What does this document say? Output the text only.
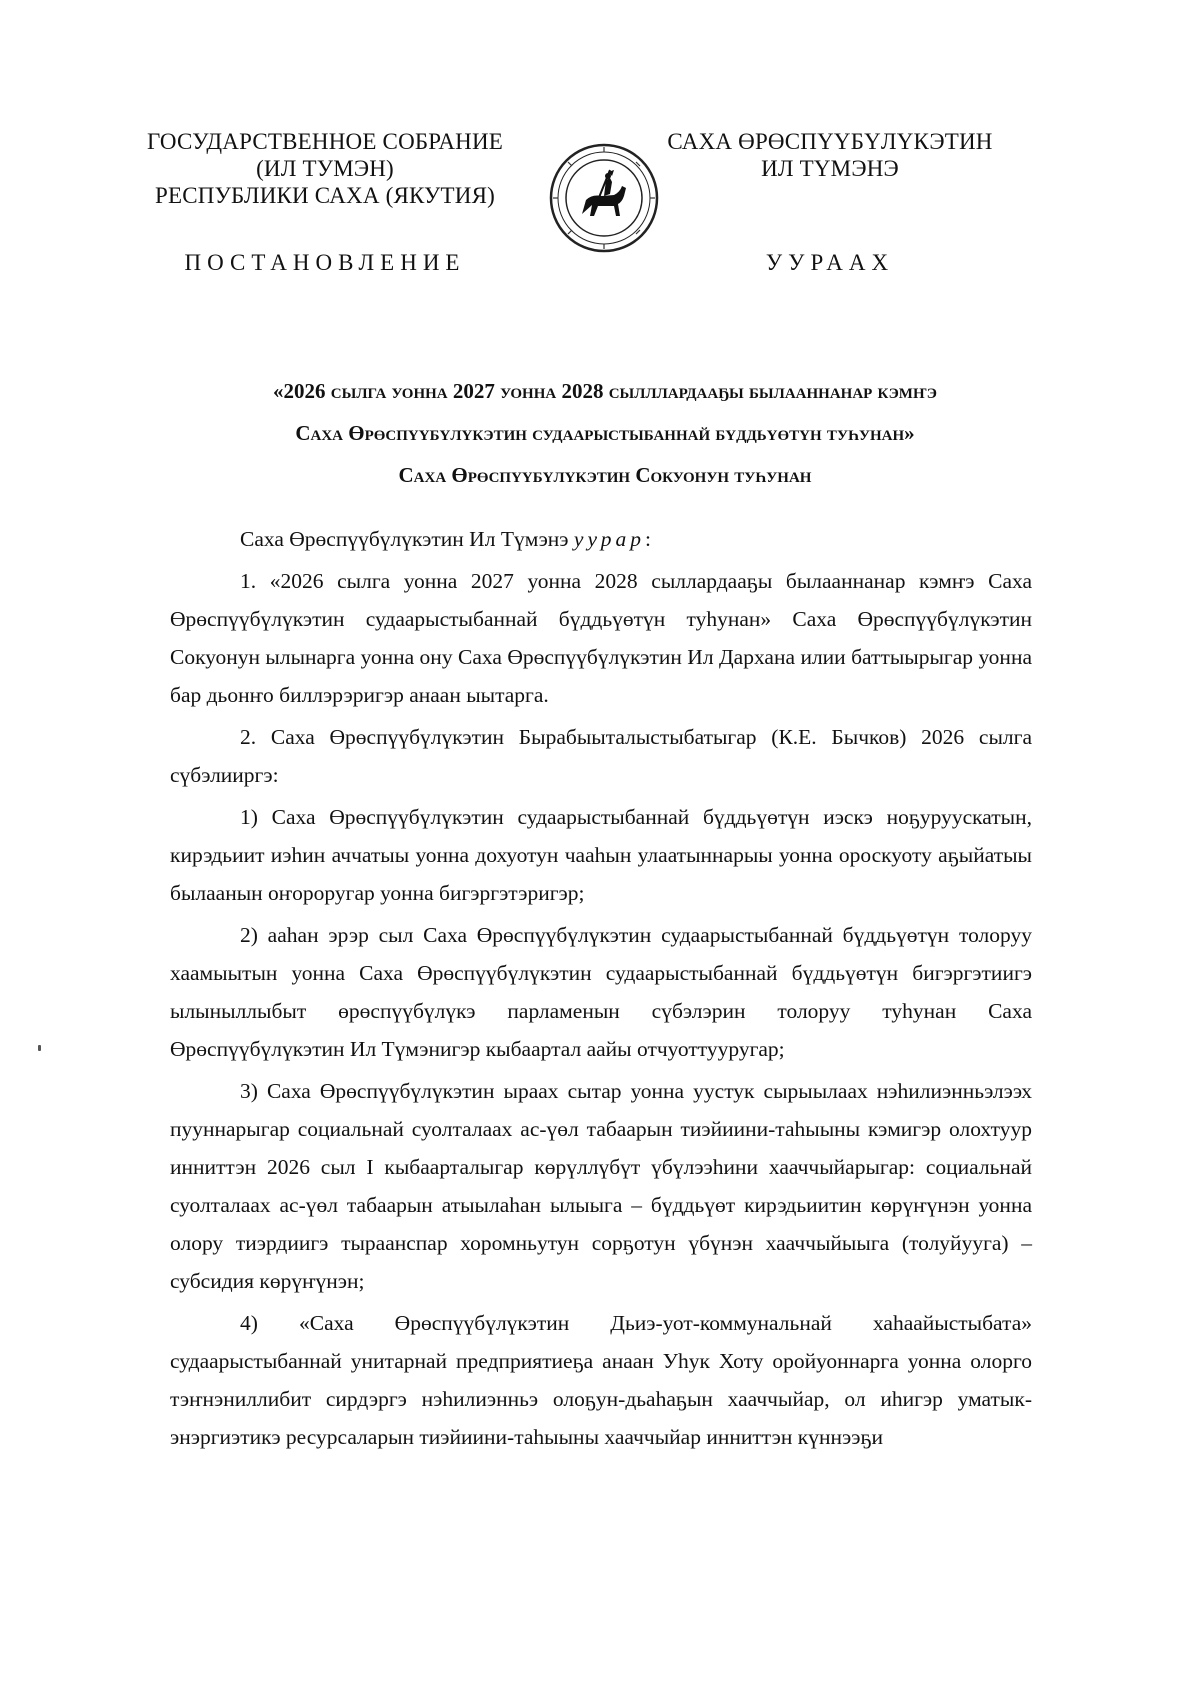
ГОСУДАРСТВЕННОЕ СОБРАНИЕ
(ИЛ ТУМЭН)
РЕСПУБЛИКИ САХА (ЯКУТИЯ)
САХА ӨРӨСПҮҮБҮЛҮКЭТИН
ИЛ ТҮМЭНЭ
ПОСТАНОВЛЕНИЕ	УУРААХ
«2026 сылга уонна 2027 уонна 2028 сылллардааҕы былааннанар кэмҥэ
Саха Өрөспүүбүлүкэтин судаарыстыбаннай бүддьүөтүн туһунан»
Саха Өрөспүүбүлүкэтин Сокуонун туһунан

Саха Өрөспүүбүлүкэтин Ил Түмэнэ уурар:

1. «2026 сылга уонна 2027 уонна 2028 сыллардааҕы былааннанар кэмҥэ Саха Өрөспүүбүлүкэтин судаарыстыбаннай бүддьүөтүн туһунан» Саха Өрөспүүбүлүкэтин Сокуонун ылынарга уонна ону Саха Өрөспүүбүлүкэтин Ил Дархана илии баттыырыгар уонна бар дьонҥо биллэрэригэр анаан ыытарга.

2. Саха Өрөспүүбүлүкэтин Бырабыыталыстыбатыгар (К.Е. Бычков) 2026 сылга сүбэлииргэ:

1) Саха Өрөспүүбүлүкэтин судаарыстыбаннай бүддьүөтүн иэскэ ноҕуруускатын, кирэдьиит иэһин аччатыы уонна дохуотун чааһын улаатыннарыы уонна ороскуоту аҕыйатыы былаанын оҥороругар уонна бигэргэтэригэр;

2) ааһан эрэр сыл Саха Өрөспүүбүлүкэтин судаарыстыбаннай бүддьүөтүн толоруу хаамыытын уонна Саха Өрөспүүбүлүкэтин судаарыстыбаннай бүддьүөтүн бигэргэтиигэ ылыныллыбыт өрөспүүбүлүкэ парламенын сүбэлэрин толоруу туһунан Саха Өрөспүүбүлүкэтин Ил Түмэнигэр кыбаартал аайы отчуоттууругар;

3) Саха Өрөспүүбүлүкэтин ыраах сытар уонна уустук сырыылаах нэһилиэнньэлээх пууннарыгар социальнай суолталаах ас-үөл табаарын тиэйиини-таһыыны кэмигэр олохтуур инниттэн 2026 сыл I кыбаарталыгар көрүллүбүт үбүлээһини хааччыйарыгар: социальнай суолталаах ас-үөл табаарын атыылаһан ылыыга – бүддьүөт кирэдьиитин көрүҥүнэн уонна олору тиэрдиигэ тыраанспар хоромньутун сорҕотун үбүнэн хааччыйыыга (толуйууга) – субсидия көрүҥүнэн;

4) «Саха Өрөспүүбүлүкэтин Дьиэ-уот-коммунальнай хаһаайыстыбата» судаарыстыбаннай унитарнай предприятиеҕа анаан Уһук Хоту оройуоннарга уонна олорго тэҥнэниллибит сирдэргэ нэһилиэнньэ олоҕун-дьаһаҕын хааччыйар, ол иһигэр уматык-энэргиэтикэ ресурсаларын тиэйиини-таһыыны хааччыйар инниттэн күннээҕи
